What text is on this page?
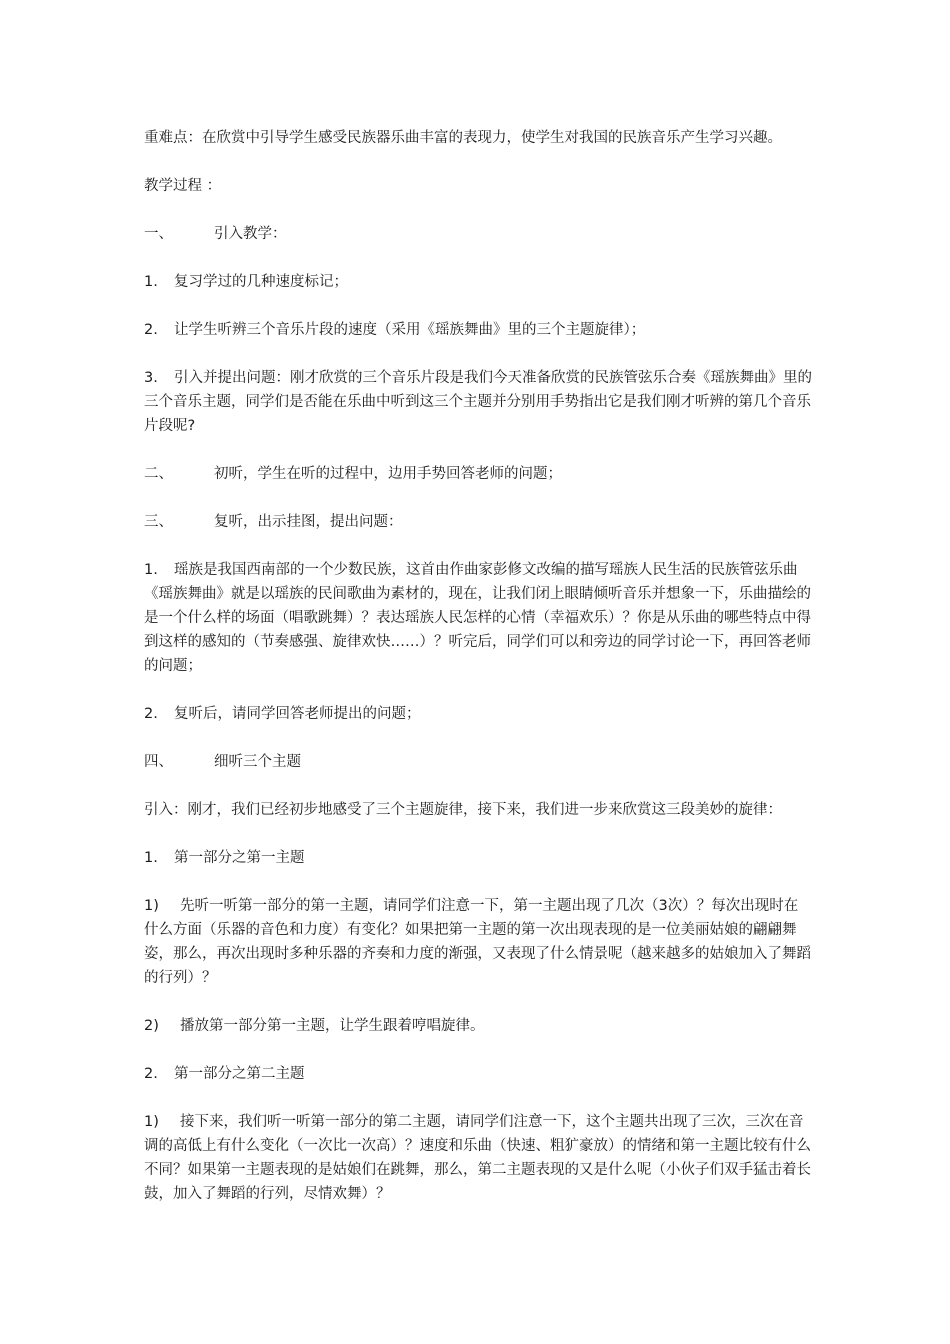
重难点：在欣赏中引导学生感受民族器乐曲丰富的表现力，使学生对我国的民族音乐产生学习兴趣。

教学过程 ：

一、	引入教学：
1.	复习学过的几种速度标记；
2.	让学生听辨三个音乐片段的速度（采用《瑶族舞曲》里的三个主题旋律）；

3. 引入并提出问题：刚才欣赏的三个音乐片段是我们今天准备欣赏的民族管弦乐合奏《瑶族舞曲》里的三个音乐主题，同学们是否能在乐曲中听到这三个主题并分别用手势指出它是我们刚才听辨的第几个音乐片段呢?

二、	初听，学生在听的过程中，边用手势回答老师的问题；
三、	复听，出示挂图，提出问题：

1. 瑶族是我国西南部的一个少数民族，这首由作曲家彭修文改编的描写瑶族人民生活的民族管弦乐曲《瑶族舞曲》就是以瑶族的民间歌曲为素材的，现在，让我们闭上眼睛倾听音乐并想象一下，乐曲描绘的是一个什么样的场面（唱歌跳舞）？表达瑶族人民怎样的心情（幸福欢乐）？你是从乐曲的哪些特点中得到这样的感知的（节奏感强、旋律欢快……）？听完后，同学们可以和旁边的同学讨论一下，再回答老师的问题；

2.	复听后，请同学回答老师提出的问题；
四、	细听三个主题

引入：刚才，我们已经初步地感受了三个主题旋律，接下来，我们进一步来欣赏这三段美妙的旋律：

1.	第一部分之第一主题

1) 先听一听第一部分的第一主题，请同学们注意一下，第一主题出现了几次（3次）？每次出现时在什么方面（乐器的音色和力度）有变化？如果把第一主题的第一次出现表现的是一位美丽姑娘的翩翩舞姿，那么，再次出现时多种乐器的齐奏和力度的渐强，又表现了什么情景呢（越来越多的姑娘加入了舞蹈的行列）？

2)	播放第一部分第一主题，让学生跟着哼唱旋律。
2.	第一部分之第二主题

1) 接下来，我们听一听第一部分的第二主题，请同学们注意一下，这个主题共出现了三次，三次在音调的高低上有什么变化（一次比一次高）？速度和乐曲（快速、粗犷豪放）的情绪和第一主题比较有什么不同？如果第一主题表现的是姑娘们在跳舞，那么，第二主题表现的又是什么呢（小伙子们双手猛击着长鼓，加入了舞蹈的行列，尽情欢舞）？
